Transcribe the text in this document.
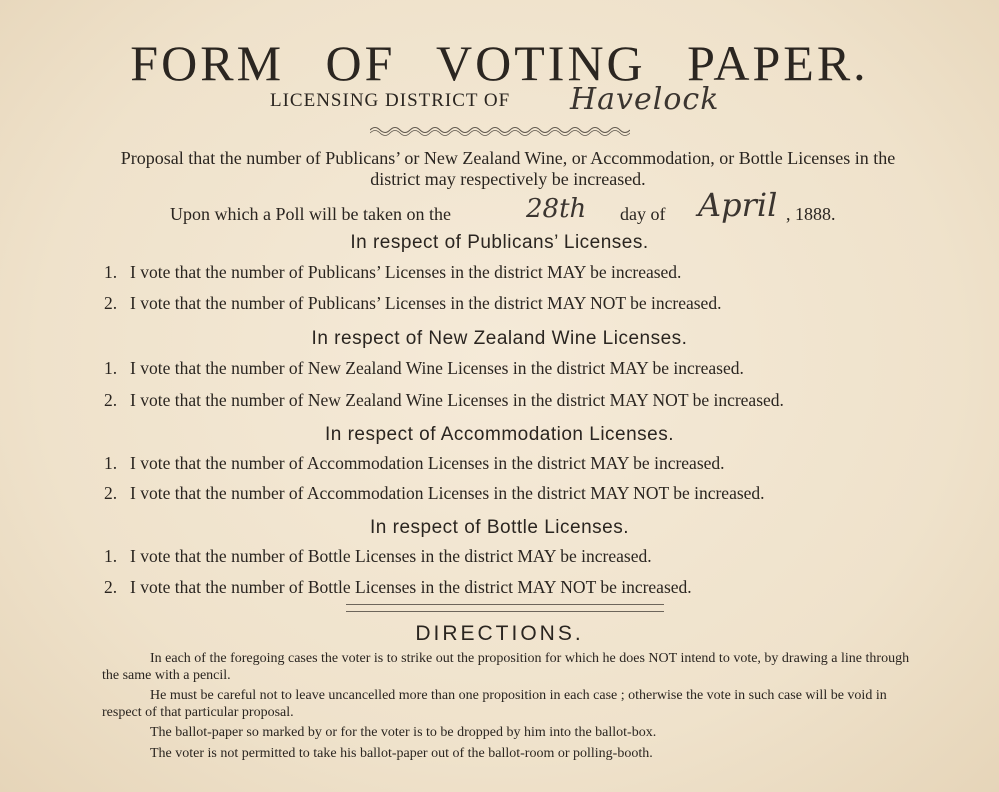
FORM OF VOTING PAPER.
LICENSING DISTRICT OF Havelock
Proposal that the number of Publicans’ or New Zealand Wine, or Accommodation, or Bottle Licenses in the district may respectively be increased.
Upon which a Poll will be taken on the	28th day of April , 1888.
In respect of Publicans’ Licenses.
1. I vote that the number of Publicans’ Licenses in the district MAY be increased.
2. I vote that the number of Publicans’ Licenses in the district MAY NOT be increased.
In respect of New Zealand Wine Licenses.
1. I vote that the number of New Zealand Wine Licenses in the district MAY be increased.
2. I vote that the number of New Zealand Wine Licenses in the district MAY NOT be increased.
In respect of Accommodation Licenses.
1. I vote that the number of Accommodation Licenses in the district MAY be increased.
2. I vote that the number of Accommodation Licenses in the district MAY NOT be increased.
In respect of Bottle Licenses.
1. I vote that the number of Bottle Licenses in the district MAY be increased.
2. I vote that the number of Bottle Licenses in the district MAY NOT be increased.
DIRECTIONS.

In each of the foregoing cases the voter is to strike out the proposition for which he does NOT intend to vote, by drawing a line through the same with a pencil.

He must be careful not to leave uncancelled more than one proposition in each case ; otherwise the vote in such case will be void in respect of that particular proposal.

The ballot-paper so marked by or for the voter is to be dropped by him into the ballot-box.

The voter is not permitted to take his ballot-paper out of the ballot-room or polling-booth.
